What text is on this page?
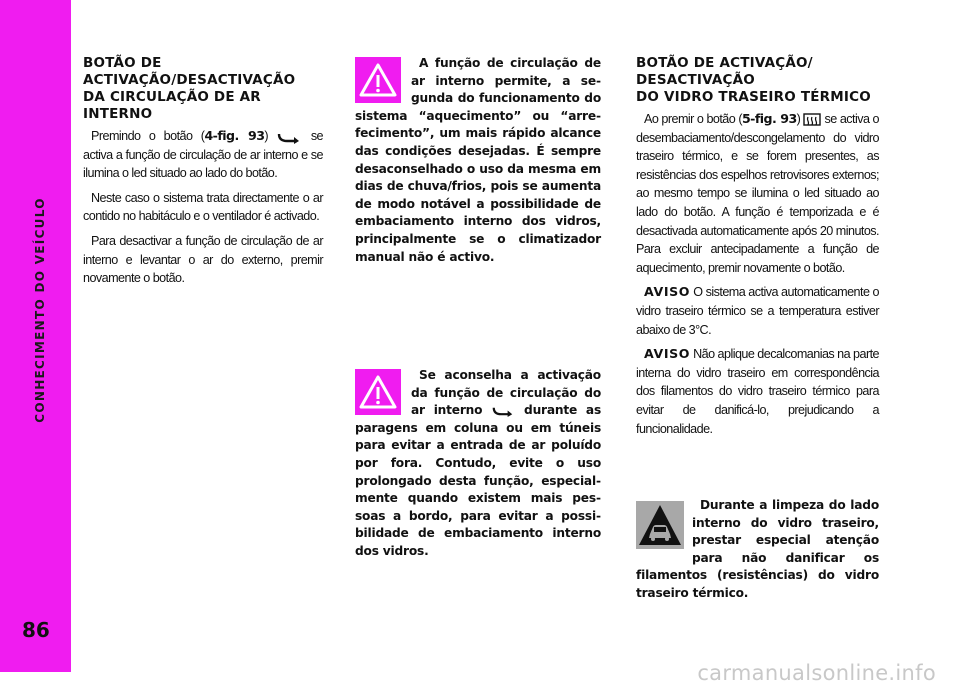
CONHECIMENTO DO VEÍCULO
86
BOTÃO DE
ACTIVAÇÃO/DESACTIVAÇÃO
DA CIRCULAÇÃO DE AR
INTERNO

Premindo o botão (4-fig. 93)	se activa a função de circulação de ar interno e se ilumina o led situado ao lado do botão.

Neste caso o sistema trata directamente o ar contido no habitáculo e o ventilador é activado.

Para desactivar a função de circulação de ar interno e levantar o ar do externo, premir novamente o botão.

A função de circulação de ar interno permite, a segunda do funcionamento do sistema “aquecimento” ou “arrefecimento”, um mais rápido alcance das condições desejadas. É sempre desaconselhado o uso da mesma em dias de chuva/frios, pois se aumenta de modo notável a possibilidade de embaciamento interno dos vidros, principalmente se o climatizador manual não é activo.

Se aconselha a activação da função de circulação do ar interno	durante as paragens em coluna ou em túneis para evitar a entrada de ar poluído por fora. Contudo, evite o uso prolongado desta função, especialmente quando existem mais pessoas a bordo, para evitar a possibilidade de embaciamento interno dos vidros.

BOTÃO DE ACTIVAÇÃO/
DESACTIVAÇÃO
DO VIDRO TRASEIRO TÉRMICO

Ao premir o botão (5-fig. 93)  se activa o desembaciamento/descongelamento do vidro traseiro térmico, e se forem presentes, as resistências dos espelhos retrovisores externos; ao mesmo tempo se ilumina o led situado ao lado do botão. A função é temporizada e é desactivada automaticamente após 20 minutos. Para excluir antecipadamente a função de aquecimento, premir novamente o botão.

AVISO O sistema activa automaticamente o vidro traseiro térmico se a temperatura estiver abaixo de 3°C.

AVISO Não aplique decalcomanias na parte interna do vidro traseiro em correspondência dos filamentos do vidro traseiro térmico para evitar de danificá-lo, prejudicando a funcionalidade.

Durante a limpeza do lado interno do vidro traseiro, prestar especial atenção para não danificar os filamentos (resistências) do vidro traseiro térmico.

carmanualsonline.info
